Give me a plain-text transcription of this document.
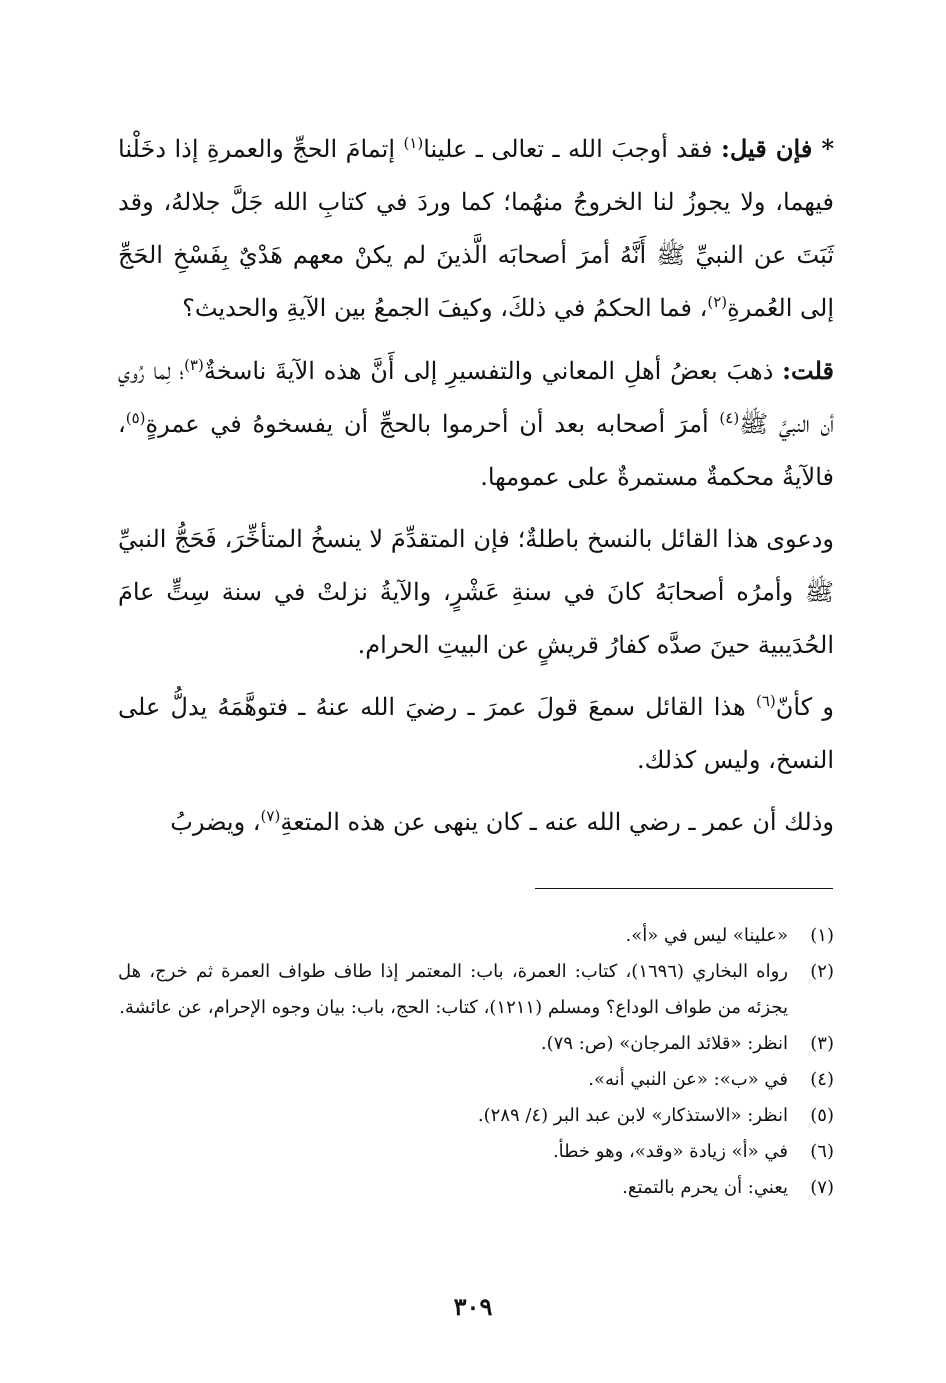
* فإن قيل: فقد أوجبَ الله ـ تعالى ـ علينا$^{(١)}$ إتمامَ الحجِّ والعمرةِ إذا دخَلْنا فيهما، ولا يجوزُ لنا الخروجُ منهُما؛ كما وردَ في كتابِ الله جَلَّ جلالهُ، وقد ثَبَتَ عن النبيِّ ﷺ أَنَّهُ أمرَ أصحابَه الَّذينَ لم يكنْ معهم هَدْيٌ بِفَسْخِ الحَجِّ إلى العُمرةِ$^{(٢)}$، فما الحكمُ في ذلكَ، وكيفَ الجمعُ بين الآيةِ والحديث؟

قلت: ذهبَ بعضُ أهلِ المعاني والتفسيرِ إلى أَنَّ هذه الآيةَ ناسخةٌ$^{(٣)}$؛ لِما رُوي أن النبيَّ ﷺ$^{(٤)}$ أمرَ أصحابه بعد أن أحرموا بالحجِّ أن يفسخوهُ في عمرةٍ$^{(٥)}$، فالآيةُ محكمةٌ مستمرةٌ على عمومها.

ودعوى هذا القائل بالنسخ باطلةٌ؛ فإن المتقدِّمَ لا ينسخُ المتأخِّرَ، فَحَجُّ النبيِّ ﷺ وأمرُه أصحابَهُ كانَ في سنةِ عَشْرٍ، والآيةُ نزلتْ في سنة سِتٍّ عامَ الحُدَيبية حينَ صدَّه كفارُ قريشٍ عن البيتِ الحرام.

و كأنّ$^{(٦)}$ هذا القائل سمعَ قولَ عمرَ ـ رضيَ الله عنهُ ـ فتوهَّمَهُ يدلُّ على النسخ، وليس كذلك.

وذلك أن عمر ـ رضي الله عنه ـ كان ينهى عن هذه المتعةِ$^{(٧)}$، ويضربُ

(١)
«علينا» ليس في «أ».
(٢)
رواه البخاري (١٦٩٦)، كتاب: العمرة، باب: المعتمر إذا طاف طواف العمرة ثم خرج، هل يجزئه من طواف الوداع؟ ومسلم (١٢١١)، كتاب: الحج، باب: بيان وجوه الإحرام، عن عائشة.
(٣)
انظر: «قلائد المرجان» (ص: ٧٩).
(٤)
في «ب»: «عن النبي أنه».
(٥)
انظر: «الاستذكار» لابن عبد البر (٤/ ٢٨٩).
(٦)
في «أ» زيادة «وقد»، وهو خطأ.
(٧)
يعني: أن يحرم بالتمتع.
٣٠٩
